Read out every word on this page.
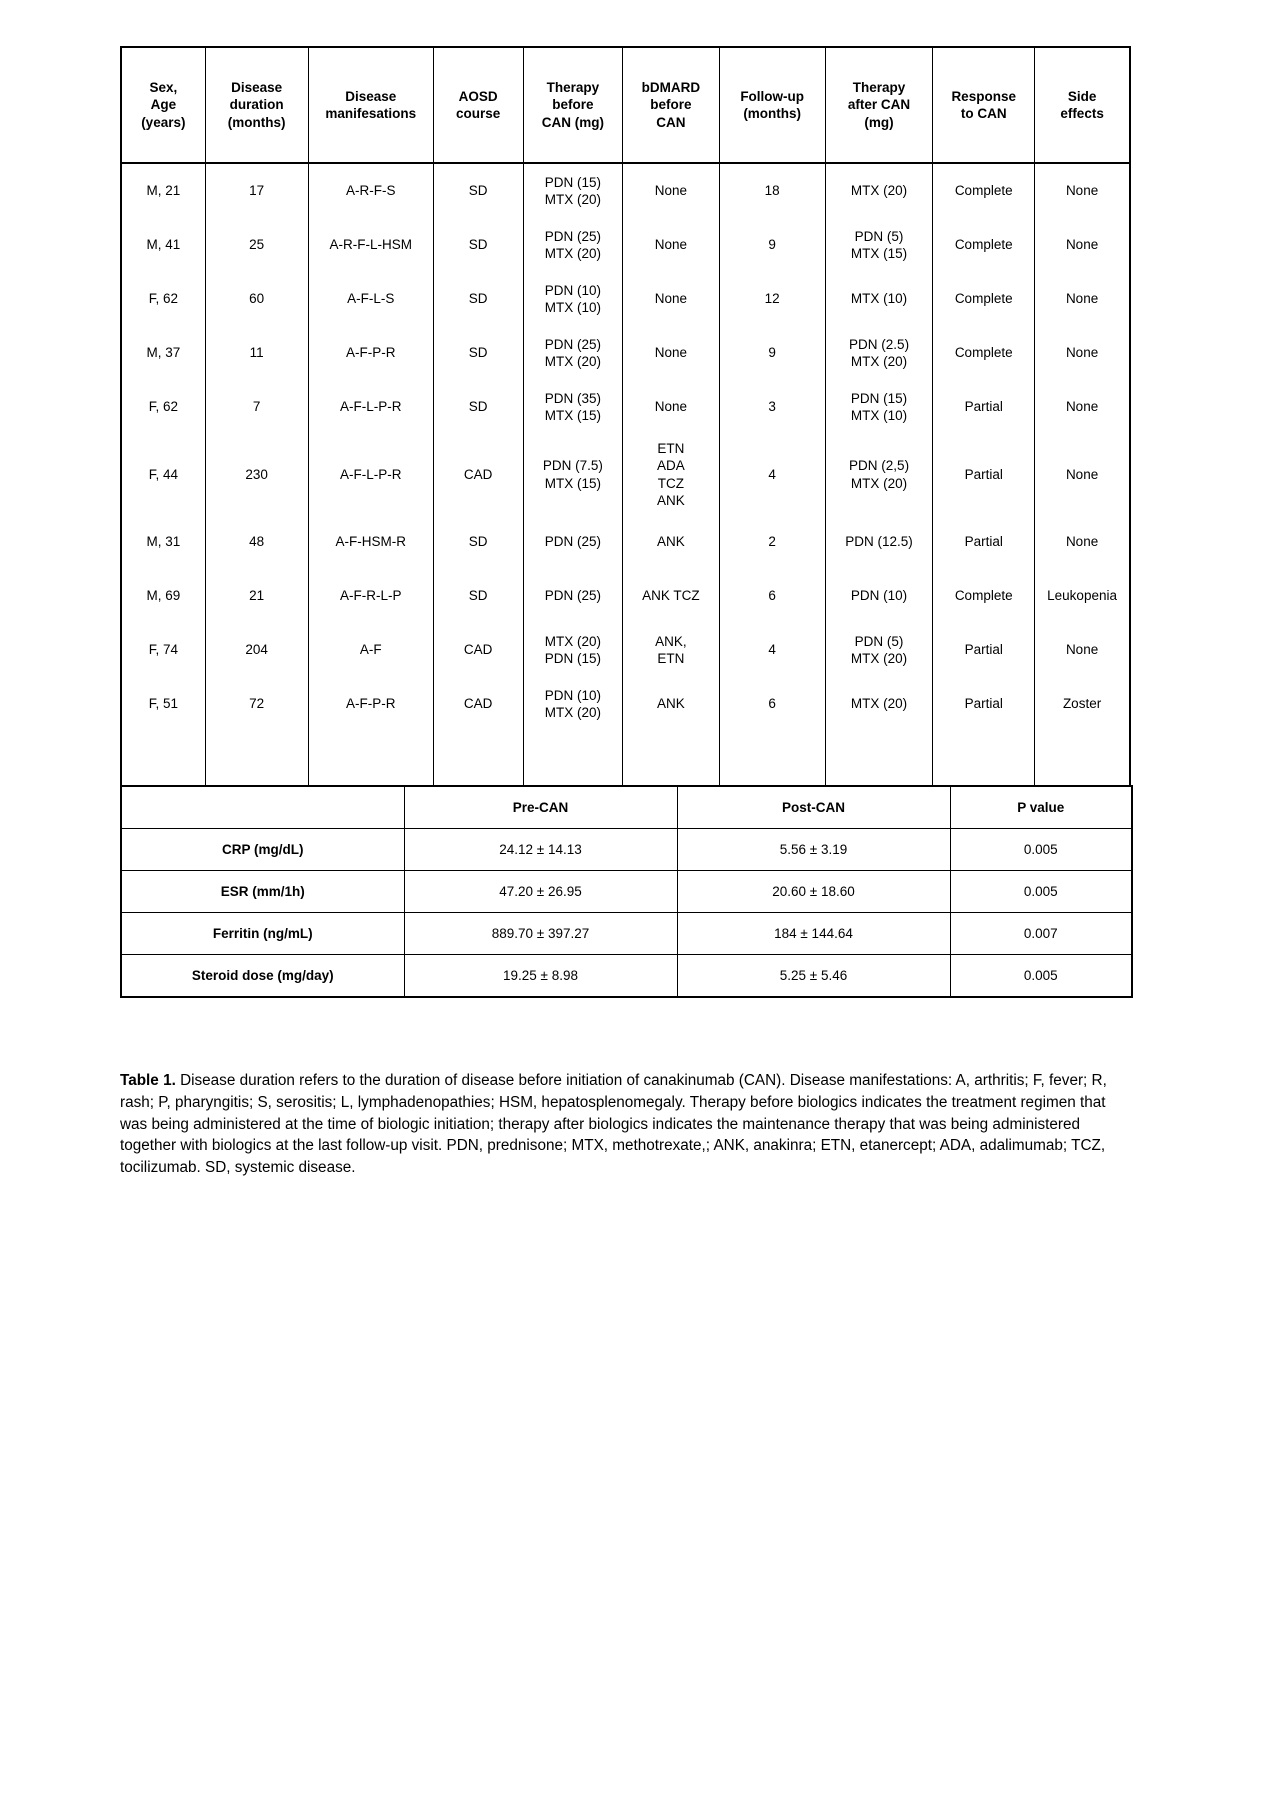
Sex,
Age
(years)	Disease
duration
(months)	Disease
manifesations	AOSD
course	Therapy
before
CAN (mg)	bDMARD
before
CAN	Follow-up
(months)	Therapy
after CAN
(mg)	Response
to CAN	Side
effects

M, 21	17	A-R-F-S	SD	PDN (15)
MTX (20)	None	18	MTX (20)	Complete	None

M, 41	25	A-R-F-L-HSM	SD	PDN (25)
MTX (20)	None	9	PDN (5)
MTX (15)	Complete	None

F, 62	60	A-F-L-S	SD	PDN (10)
MTX (10)	None	12	MTX (10)	Complete	None

M, 37	11	A-F-P-R	SD	PDN (25)
MTX (20)	None	9	PDN (2.5)
MTX (20)	Complete	None

F, 62	7	A-F-L-P-R	SD	PDN (35)
MTX (15)	None	3	PDN (15)
MTX (10)	Partial	None

F, 44	230	A-F-L-P-R	CAD	PDN (7.5)
MTX (15)	ETN
ADA
TCZ
ANK	4	PDN (2,5)
MTX (20)	Partial	None

M, 31	48	A-F-HSM-R	SD	PDN (25)	ANK	2	PDN (12.5)	Partial	None

M, 69	21	A-F-R-L-P	SD	PDN (25)	ANK TCZ	6	PDN (10)	Complete	Leukopenia

F, 74	204	A-F	CAD	MTX (20)
PDN (15)	ANK,
ETN	4	PDN (5)
MTX (20)	Partial	None

F, 51	72	A-F-P-R	CAD	PDN (10)
MTX (20)	ANK	6	MTX (20)	Partial	Zoster

	Pre-CAN	Post-CAN	P value
CRP (mg/dL)	24.12 ± 14.13	5.56 ± 3.19	0.005
ESR (mm/1h)	47.20 ± 26.95	20.60 ± 18.60	0.005
Ferritin (ng/mL)	889.70 ± 397.27	184 ± 144.64	0.007
Steroid dose (mg/day)	19.25 ± 8.98	5.25 ± 5.46	0.005

Table 1. Disease duration refers to the duration of disease before initiation of canakinumab (CAN). Disease manifestations: A, arthritis; F, fever; R, rash; P, pharyngitis; S, serositis; L, lymphadenopathies; HSM, hepatosplenomegaly. Therapy before biologics indicates the treatment regimen that was being administered at the time of biologic initiation; therapy after biologics indicates the maintenance therapy that was being administered together with biologics at the last follow-up visit. PDN, prednisone; MTX, methotrexate,; ANK, anakinra; ETN, etanercept; ADA, adalimumab; TCZ, tocilizumab. SD, systemic disease.
